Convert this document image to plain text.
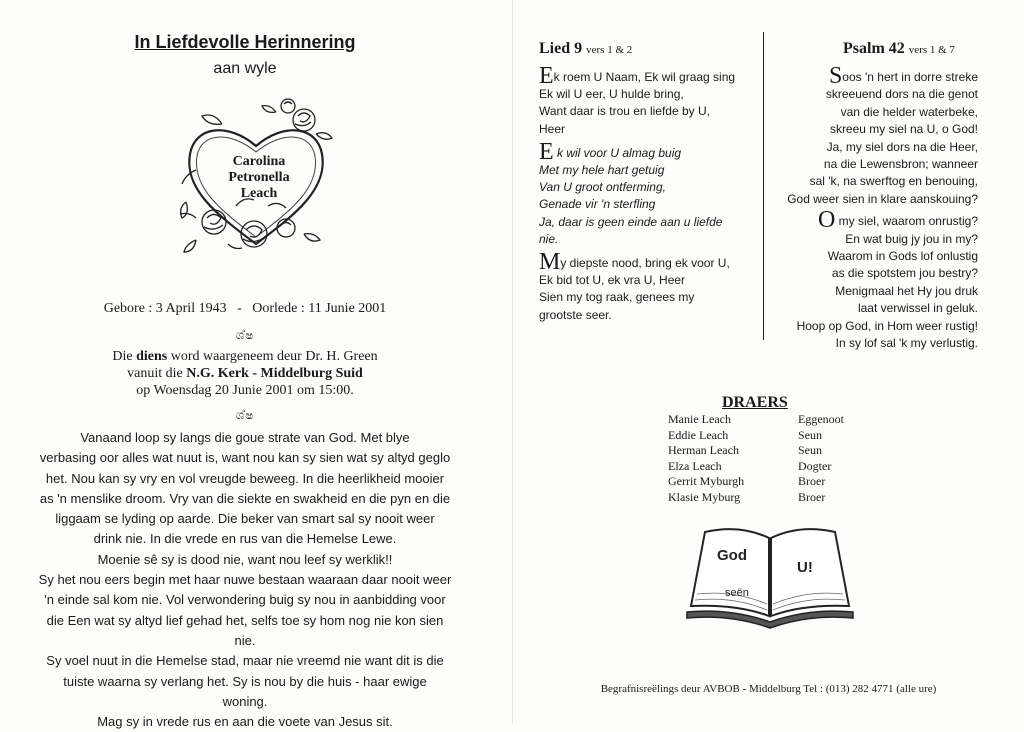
In Liefdevolle Herinnering
aan wyle
Carolina
Petronella
Leach
Gebore : 3 April 1943 - Oorlede : 11 Junie 2001
ශ්ෂ
Die diens word waargeneem deur Dr. H. Green
vanuit die N.G. Kerk - Middelburg Suid
op Woensdag 20 Junie 2001 om 15:00.
ශ්ෂ
Vanaand loop sy langs die goue strate van God. Met blye
verbasing oor alles wat nuut is, want nou kan sy sien wat sy altyd geglo
het. Nou kan sy vry en vol vreugde beweeg. In die heerlikheid mooier
as 'n menslike droom. Vry van die siekte en swakheid en die pyn en die
liggaam se lyding op aarde. Die beker van smart sal sy nooit weer
drink nie. In die vrede en rus van die Hemelse Lewe.
Moenie sê sy is dood nie, want nou leef sy werklik!!
Sy het nou eers begin met haar nuwe bestaan waaraan daar nooit weer
'n einde sal kom nie. Vol verwondering buig sy nou in aanbidding voor
die Een wat sy altyd lief gehad het, selfs toe sy hom nog nie kon sien
nie.
Sy voel nuut in die Hemelse stad, maar nie vreemd nie want dit is die
tuiste waarna sy verlang het. Sy is nou by die huis - haar ewige
woning.
Mag sy in vrede rus en aan die voete van Jesus sit.
Lied 9 vers 1 & 2
Ek roem U Naam, Ek wil graag sing
Ek wil U eer, U hulde bring,
Want daar is trou en liefde by U,
Heer
E k wil voor U almag buig
Met my hele hart getuig
Van U groot ontferming,
Genade vir 'n sterfling
Ja, daar is geen einde aan u liefde
nie.
My diepste nood, bring ek voor U,
Ek bid tot U, ek vra U, Heer
Sien my tog raak, genees my
grootste seer.
Psalm 42 vers 1 & 7
Soos 'n hert in dorre streke
skreeuend dors na die genot
van die helder waterbeke,
skreeu my siel na U, o God!
Ja, my siel dors na die Heer,
na die Lewensbron; wanneer
sal 'k, na swerftog en benouing,
God weer sien in klare aanskouing?
O my siel, waarom onrustig?
En wat buig jy jou in my?
Waarom in Gods lof onlustig
as die spotstem jou bestry?
Menigmaal het Hy jou druk
laat verwissel in geluk.
Hoop op God, in Hom weer rustig!
In sy lof sal 'k my verlustig.
DRAERS
Manie Leach	Eggenoot
Eddie Leach	Seun
Herman Leach	Seun
Elza Leach	Dogter
Gerrit Myburgh	Broer
Klasie Myburg	Broer
God
U!
seën
Begrafnisreëlings deur AVBOB - Middelburg Tel : (013) 282 4771 (alle ure)
